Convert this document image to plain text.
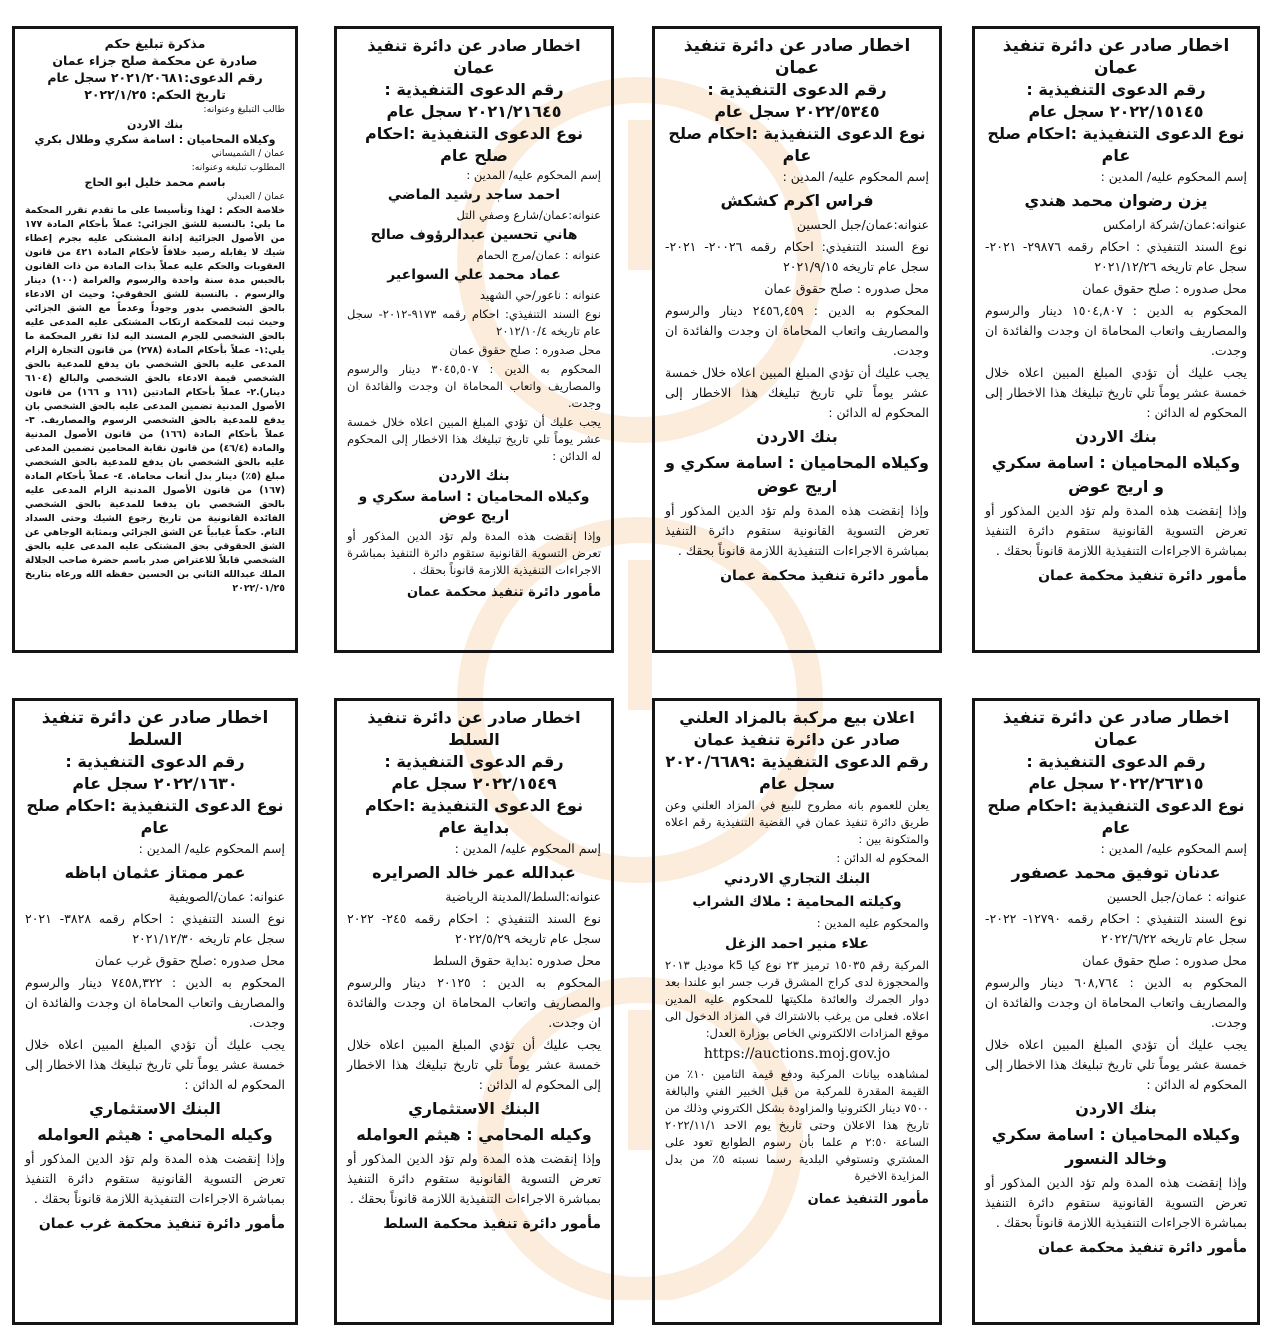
اخطار صادر عن دائرة تنفيذ عمان

رقم الدعوى التنفيذية :

٢٠٢٢/١٥١٤٥ سجل عام

نوع الدعوى التنفيذية :احكام صلح عام

إسم المحكوم عليه/ المدين :

يزن رضوان محمد هندي

عنوانه:عمان/شركة ارامكس

نوع السند التنفيذي : احكام رقمه ٢٩٨٧٦- ٢٠٢١-سجل عام تاريخه ٢٠٢١/١٢/٢٦

محل صدوره : صلح حقوق عمان

المحكوم به الدين : ١٥٠٤,٨٠٧ دينار والرسوم والمصاريف واتعاب المحاماة ان وجدت والفائدة ان وجدت.

يجب عليك أن تؤدي المبلغ المبين اعلاه خلال خمسة عشر يوماً تلي تاريخ تبليغك هذا الاخطار إلى المحكوم له الدائن :

بنك الاردن

وكيلاه المحاميان : اسامة سكري و اريج عوض

وإذا إنقضت هذه المدة ولم تؤد الدين المذكور أو تعرض التسوية القانونية ستقوم دائرة التنفيذ بمباشرة الاجراءات التنفيذية اللازمة قانوناً بحقك .

مأمور دائرة تنفيذ محكمة عمان

اخطار صادر عن دائرة تنفيذ عمان

رقم الدعوى التنفيذية :

٢٠٢٢/٥٣٤٥ سجل عام

نوع الدعوى التنفيذية :احكام صلح عام

إسم المحكوم عليه/ المدين :

فراس اكرم كشكش

عنوانه:عمان/جبل الحسين

نوع السند التنفيذي: احكام رقمه ٢٠٠٢٦- ٢٠٢١-سجل عام تاريخه ٢٠٢١/٩/١٥

محل صدوره : صلح حقوق عمان

المحكوم به الدين : ٢٤٥٦,٤٥٩ دينار والرسوم والمصاريف واتعاب المحاماة ان وجدت والفائدة ان وجدت.

يجب عليك أن تؤدي المبلغ المبين اعلاه خلال خمسة عشر يوماً تلي تاريخ تبليغك هذا الاخطار إلى المحكوم له الدائن :

بنك الاردن

وكيلاه المحاميان : اسامة سكري و اريج عوض

وإذا إنقضت هذه المدة ولم تؤد الدين المذكور أو تعرض التسوية القانونية ستقوم دائرة التنفيذ بمباشرة الاجراءات التنفيذية اللازمة قانوناً بحقك .

مأمور دائرة تنفيذ محكمة عمان

اخطار صادر عن دائرة تنفيذ عمان

رقم الدعوى التنفيذية :

٢٠٢١/٢١٦٤٥ سجل عام

نوع الدعوى التنفيذية :احكام صلح عام

إسم المحكوم عليه/ المدين :

احمد ساجد رشيد الماضي

عنوانه:عمان/شارع وصفي التل

هاني تحسين عبدالرؤوف صالح

عنوانه : عمان/مرج الحمام

عماد محمد علي السواعير

عنوانه : ناعور/حي الشهيد

نوع السند التنفيذي: احكام رقمه ٩١٧٣-٢٠١٢- سجل عام تاريخه ٢٠١٢/١٠/٤

محل صدوره : صلح حقوق عمان

المحكوم به الدين : ٣٠٤٥,٥٠٧ دينار والرسوم والمصاريف واتعاب المحاماة ان وجدت والفائدة ان وجدت.

يجب عليك أن تؤدي المبلغ المبين اعلاه خلال خمسة عشر يوماً تلي تاريخ تبليغك هذا الاخطار إلى المحكوم له الدائن :

بنك الاردن

وكيلاه المحاميان : اسامة سكري و اريج عوض

وإذا إنقضت هذه المدة ولم تؤد الدين المذكور أو تعرض التسوية القانونية ستقوم دائرة التنفيذ بمباشرة الاجراءات التنفيذية اللازمة قانوناً بحقك .

مأمور دائرة تنفيذ محكمة عمان

مذكرة تبليغ حكم

صادرة عن محكمة صلح جزاء عمان

رقم الدعوى:٢٠٢١/٢٠٦٨١ سجل عام

تاريخ الحكم: ٢٠٢٢/١/٢٥

طالب التبليغ وعنوانه:

بنك الاردن

وكيلاه المحاميان : اسامة سكري وطلال بكري

عمان / الشميساني

المطلوب تبليغه وعنوانه:

باسم محمد خليل ابو الحاج

عمان / العبدلي

خلاصة الحكم : لهذا وتأسيسا على ما تقدم تقرر المحكمة ما يلي: بالنسبة للشق الجزائي: عملاً بأحكام المادة ١٧٧ من الأصول الجزائية إدانة المشتكى عليه بجرم إعطاء شيك لا يقابله رصيد خلافاً لأحكام المادة ٤٢١ من قانون العقوبات والحكم عليه عملاً بذات المادة من ذات القانون بالحبس مدة سنة واحدة والرسوم والغرامة (١٠٠) دينار والرسوم . بالنسبة للشق الحقوقي: وحيث ان الادعاء بالحق الشخصي بدور وجوداً وعدماً مع الشق الجزائي وحيث ثبت للمحكمة ارتكاب المشتكى عليه المدعى عليه بالحق الشخصي للجرم المسند اليه لذا تقرر المحكمة ما يلي:١- عملاً بأحكام المادة (٢٧٨) من قانون التجارة إلزام المدعى عليه بالحق الشخصي بان يدفع للمدعية بالحق الشخصي قيمة الادعاء بالحق الشخصي والبالغ (٦١٠٤ دينار).٢- عملاً بأحكام المادتين (١٦١ و ١٦٦) من قانون الأصول المدنية تضمين المدعى عليه بالحق الشخصي بان يدفع للمدعية بالحق الشخصي الرسوم والمصاريف. ٣- عملاً بأحكام المادة (١٦٦) من قانون الأصول المدنية والمادة (٤٦/٤) من قانون نقابة المحامين تضمين المدعى عليه بالحق الشخصي بان يدفع للمدعية بالحق الشخصي مبلغ (٥٪) دينار بدل أتعاب محاماة. ٤- عملاً بأحكام المادة (١٦٧) من قانون الأصول المدنية الزام المدعى عليه بالحق الشخصي بان يدفعا للمدعية بالحق الشخصي الفائدة القانونية من تاريخ رجوع الشيك وحتى السداد التام. حكماً غيابياً عن الشق الجزائي وبمثابة الوجاهي عن الشق الحقوقي بحق المشتكى عليه المدعى عليه بالحق الشخصي قابلاً للاعتراض صدر باسم حضرة صاحب الجلالة الملك عبدالله الثاني بن الحسين حفظه الله ورعاه بتاريخ ٢٠٢٢/٠١/٢٥

اخطار صادر عن دائرة تنفيذ عمان

رقم الدعوى التنفيذية :

٢٠٢٢/٢٦٣١٥ سجل عام

نوع الدعوى التنفيذية :احكام صلح عام

إسم المحكوم عليه/ المدين :

عدنان توفيق محمد عصفور

عنوانه : عمان/جبل الحسين

نوع السند التنفيذي : احكام رقمه ١٢٧٩٠- ٢٠٢٢-سجل عام تاريخه ٢٠٢٢/٦/٢٢

محل صدوره : صلح حقوق عمان

المحكوم به الدين : ٦٠٨,٧٦٤ دينار والرسوم والمصاريف واتعاب المحاماة ان وجدت والفائدة ان وجدت.

يجب عليك أن تؤدي المبلغ المبين اعلاه خلال خمسة عشر يوماً تلي تاريخ تبليغك هذا الاخطار إلى المحكوم له الدائن :

بنك الاردن

وكيلاه المحاميان : اسامة سكري وخالد النسور

وإذا إنقضت هذه المدة ولم تؤد الدين المذكور أو تعرض التسوية القانونية ستقوم دائرة التنفيذ بمباشرة الاجراءات التنفيذية اللازمة قانوناً بحقك .

مأمور دائرة تنفيذ محكمة عمان

اعلان بيع مركبة بالمزاد العلني صادر عن دائرة تنفيذ عمان

رقم الدعوى التنفيذية :٢٠٢٠/٦٦٨٩

سجل عام

يعلن للعموم بانه مطروح للبيع في المزاد العلني وعن طريق دائرة تنفيذ عمان في القضية التنفيذية رقم اعلاه والمتكونة بين :

المحكوم له الدائن :

البنك التجاري الاردني

وكيلته المحامية : ملاك الشراب

والمحكوم عليه المدين :

علاء منير احمد الزغل

المركبة رقم ١٥٠٣٥ ترميز ٢٣ نوع كيا k5 موديل ٢٠١٣ والمحجوزة لدى كراج المشرق قرب جسر ابو علندا بعد دوار الجمرك والعائدة ملكيتها للمحكوم عليه المدين اعلاه. فعلى من يرغب بالاشتراك في المزاد الدخول الى موقع المزادات الالكتروني الخاص بوزارة العدل:

https://auctions.moj.gov.jo

لمشاهده بيانات المركبة ودفع قيمة التامين ١٠٪ من القيمة المقدرة للمركبة من قبل الخبير الفني والبالغة ٧٥٠٠ دينار الكترونيا والمزاودة بشكل الكتروني وذلك من تاريخ هذا الاعلان وحتى تاريخ يوم الاحد ٢٠٢٢/١١/١ الساعة ٢:٥٠ م علما بأن رسوم الطوابع تعود على المشتري وتستوفي البلدية رسما نسبته ٥٪ من بدل المزايدة الاخيرة

مأمور التنفيذ عمان

اخطار صادر عن دائرة تنفيذ السلط

رقم الدعوى التنفيذية :

٢٠٢٢/١٥٤٩ سجل عام

نوع الدعوى التنفيذية :احكام بداية عام

إسم المحكوم عليه/ المدين :

عبدالله عمر خالد الصرايره

عنوانه:السلط/المدينة الرياضية

نوع السند التنفيذي : احكام رقمه ٢٤٥- ٢٠٢٢ سجل عام تاريخه ٢٠٢٢/٥/٢٩

محل صدوره :بداية حقوق السلط

المحكوم به الدين : ٢٠١٢٥ دينار والرسوم والمصاريف واتعاب المحاماة ان وجدت والفائدة ان وجدت.

يجب عليك أن تؤدي المبلغ المبين اعلاه خلال خمسة عشر يوماً تلي تاريخ تبليغك هذا الاخطار إلى المحكوم له الدائن :

البنك الاستثماري

وكيله المحامي : هيثم العوامله

وإذا إنقضت هذه المدة ولم تؤد الدين المذكور أو تعرض التسوية القانونية ستقوم دائرة التنفيذ بمباشرة الاجراءات التنفيذية اللازمة قانوناً بحقك .

مأمور دائرة تنفيذ محكمة السلط

اخطار صادر عن دائرة تنفيذ السلط

رقم الدعوى التنفيذية :

٢٠٢٢/١٦٣٠ سجل عام

نوع الدعوى التنفيذية :احكام صلح عام

إسم المحكوم عليه/ المدين :

عمر ممتاز عثمان اباظه

عنوانه: عمان/الصويفية

نوع السند التنفيذي : احكام رقمه ٣٨٢٨- ٢٠٢١ سجل عام تاريخه ٢٠٢١/١٢/٣٠

محل صدوره :صلح حقوق غرب عمان

المحكوم به الدين : ٧٤٥٨,٣٢٢ دينار والرسوم والمصاريف واتعاب المحاماة ان وجدت والفائدة ان وجدت.

يجب عليك أن تؤدي المبلغ المبين اعلاه خلال خمسة عشر يوماً تلي تاريخ تبليغك هذا الاخطار إلى المحكوم له الدائن :

البنك الاستثماري

وكيله المحامي : هيثم العوامله

وإذا إنقضت هذه المدة ولم تؤد الدين المذكور أو تعرض التسوية القانونية ستقوم دائرة التنفيذ بمباشرة الاجراءات التنفيذية اللازمة قانوناً بحقك .

مأمور دائرة تنفيذ محكمة غرب عمان
